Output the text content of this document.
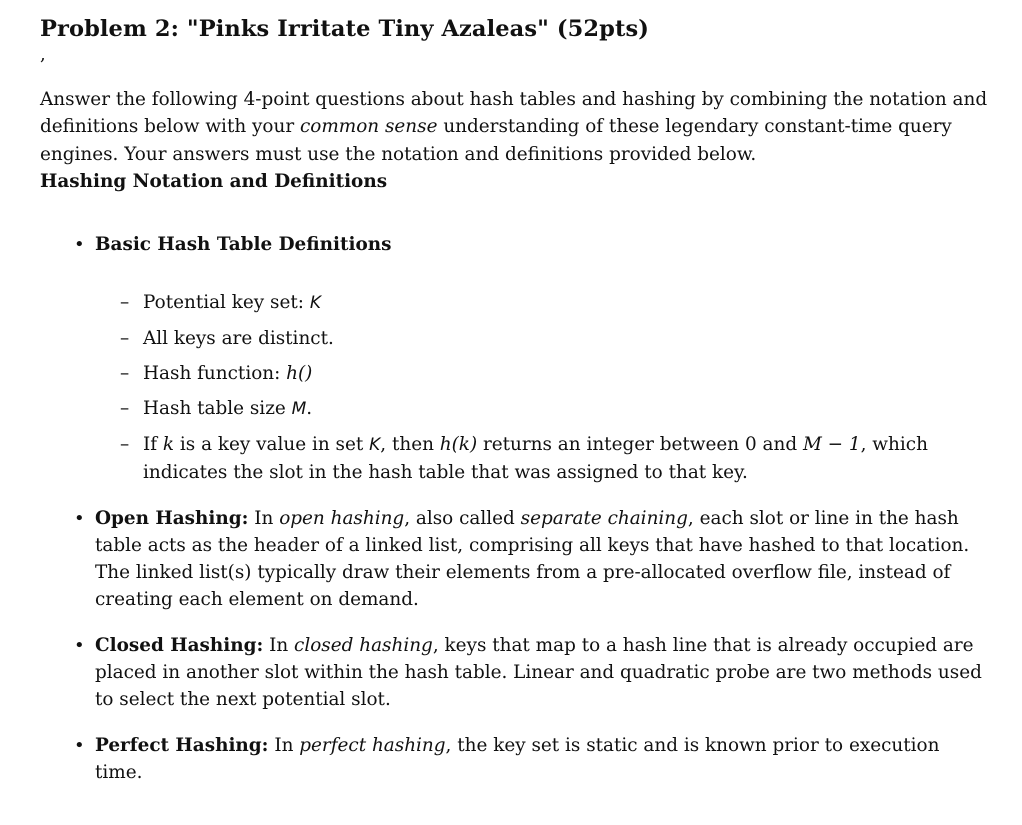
Problem 2: "Pinks Irritate Tiny Azaleas" (52pts)
,

Answer the following 4-point questions about hash tables and hashing by combining the notation and definitions below with your common sense understanding of these legendary constant-time query engines. Your answers must use the notation and definitions provided below.

Hashing Notation and Definitions
• Basic Hash Table Definitions
– Potential key set: K
– All keys are distinct.
– Hash function: h()
– Hash table size M.
– If k is a key value in set K, then h(k) returns an integer between 0 and M − 1, which indicates the slot in the hash table that was assigned to that key.
• Open Hashing: In open hashing, also called separate chaining, each slot or line in the hash table acts as the header of a linked list, comprising all keys that have hashed to that location. The linked list(s) typically draw their elements from a pre-allocated overflow file, instead of creating each element on demand.
• Closed Hashing: In closed hashing, keys that map to a hash line that is already occupied are placed in another slot within the hash table. Linear and quadratic probe are two methods used to select the next potential slot.
• Perfect Hashing: In perfect hashing, the key set is static and is known prior to execution time.
